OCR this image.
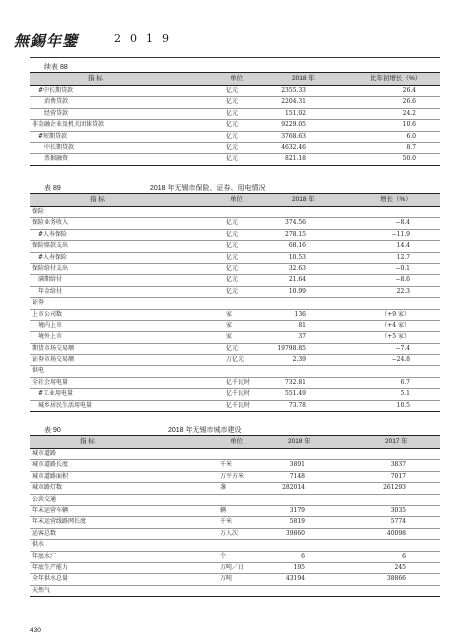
無錫年鑒	2019
续表 88
指 标	单位	2018 年	比年初增长（%）
#中长期贷款	亿元	2355.33	26.4
消费贷款	亿元	2204.31	26.6
经营贷款	亿元	151.02	24.2
非金融企业及机关团体贷款	亿元	9229.05	10.6
#短期贷款	亿元	3768.63	6.0
中长期贷款	亿元	4632.46	8.7
票据融资	亿元	821.18	50.0
表 89	2018 年无锡市保险、证券、用电情况
指 标	单位	2018 年	增长（%）
保险
保险业务收入	亿元	374.56	−8.4
#人寿保险	亿元	278.15	−11.9
保险赔款支出	亿元	68.16	14.4
#人寿保险	亿元	10.53	12.7
保险给付支出	亿元	32.63	−0.1
满期给付	亿元	21.64	−8.6
年金给付	亿元	10.99	22.3
证券
上市公司数	家	136	（+9 家）
境内上市	家	81	（+4 家）
境外上市	家	37	（+5 家）
期货市场交易额	亿元	19798.85	−7.4
证券市场交易额	万亿元	2.39	−24.8
供电
全社会用电量	亿千瓦时	732.81	6.7
#工业用电量	亿千瓦时	551.49	5.1
城乡居民生活用电量	亿千瓦时	73.78	10.5
表 90	2018 年无锡市城市建设
指 标	单位	2018 年	2017 年
城市道路
城市道路长度	千米	3891	3837
城市道路面积	万平方米	7148	7017
城市路灯数	盏	282014	261293
公共交通
年末运营车辆	辆	3179	3035
年末运营线路网长度	千米	5819	5774
运客总数	万人次	39860	40098
供水
年底水厂	个	6	6
年底生产能力	万吨／日	195	245
全年供水总量	万吨	43194	38866
天然气
430
